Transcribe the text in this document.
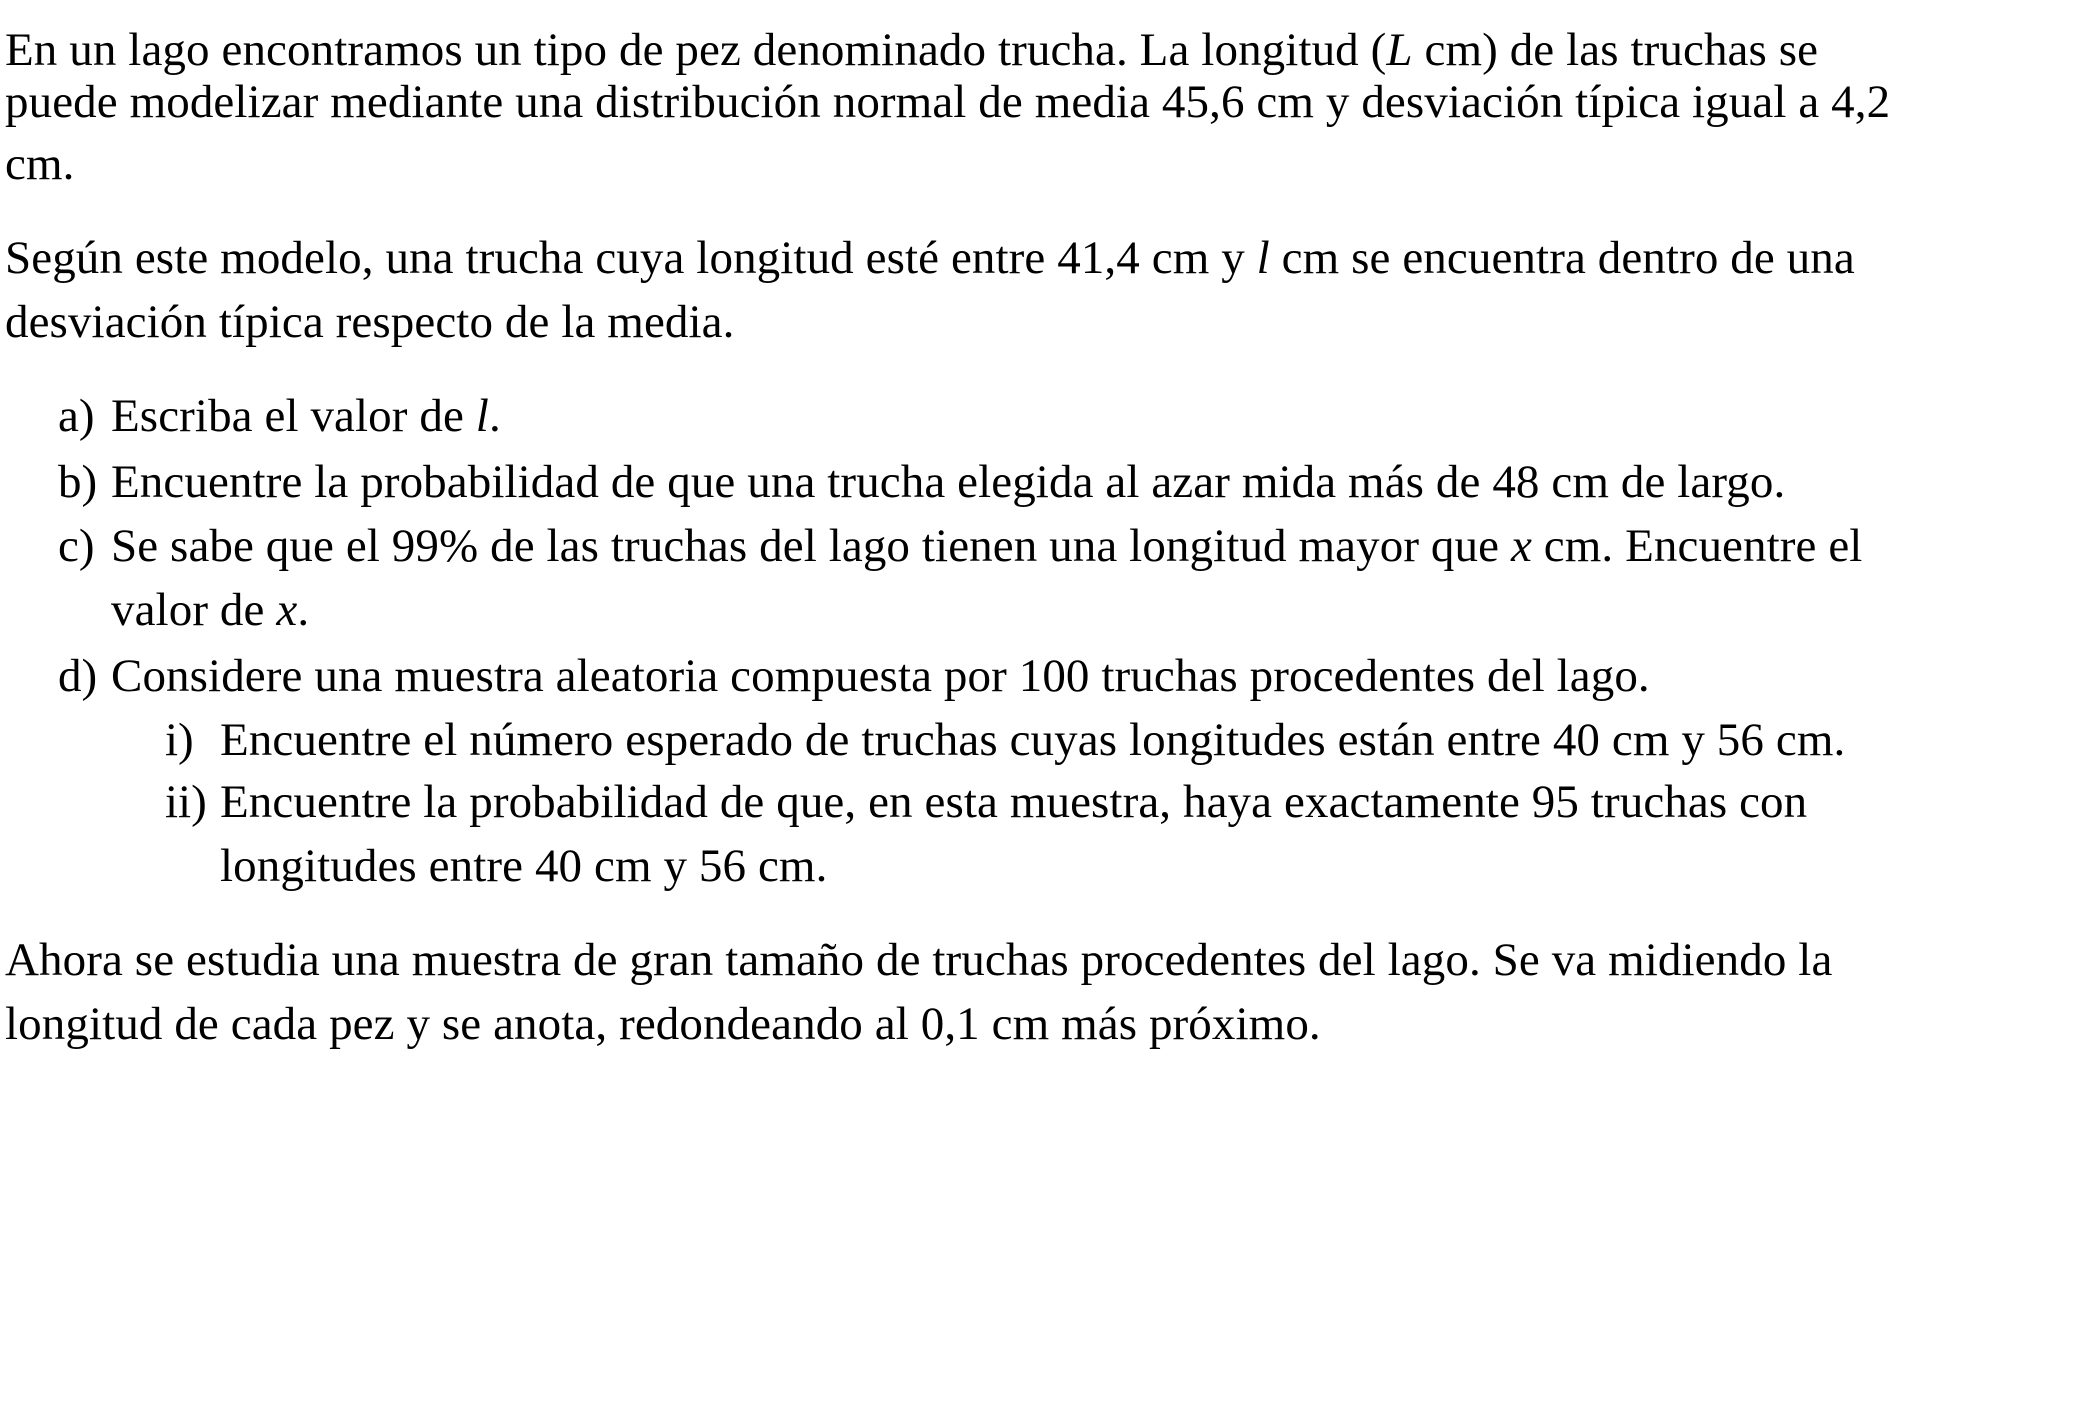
En un lago encontramos un tipo de pez denominado trucha. La longitud (L cm) de las truchas se
puede modelizar mediante una distribución normal de media 45,6 cm y desviación típica igual a 4,2
cm.
Según este modelo, una trucha cuya longitud esté entre 41,4 cm y l cm se encuentra dentro de una
desviación típica respecto de la media.
a) Escriba el valor de l.
b) Encuentre la probabilidad de que una trucha elegida al azar mida más de 48 cm de largo.
c) Se sabe que el 99% de las truchas del lago tienen una longitud mayor que x cm. Encuentre el
valor de x.
d) Considere una muestra aleatoria compuesta por 100 truchas procedentes del lago.
i) Encuentre el número esperado de truchas cuyas longitudes están entre 40 cm y 56 cm.
ii) Encuentre la probabilidad de que, en esta muestra, haya exactamente 95 truchas con
longitudes entre 40 cm y 56 cm.
Ahora se estudia una muestra de gran tamaño de truchas procedentes del lago. Se va midiendo la
longitud de cada pez y se anota, redondeando al 0,1 cm más próximo.
